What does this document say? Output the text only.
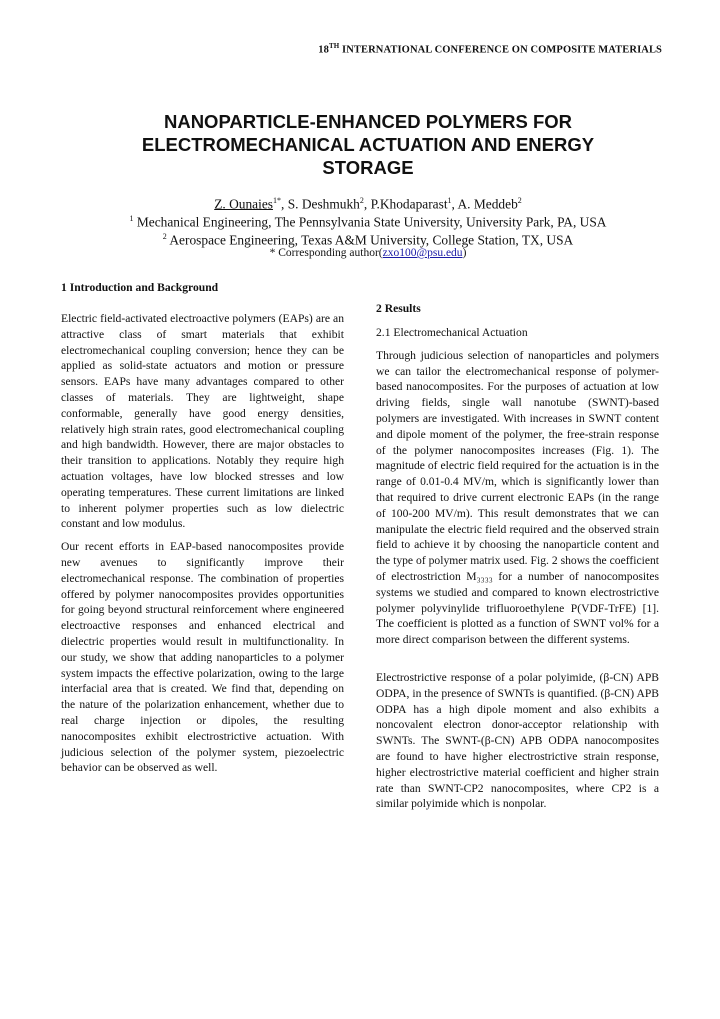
18TH INTERNATIONAL CONFERENCE ON COMPOSITE MATERIALS
NANOPARTICLE-ENHANCED POLYMERS FOR ELECTROMECHANICAL ACTUATION AND ENERGY STORAGE
Z. Ounaies$^{1*}$, S. Deshmukh$^2$, P.Khodaparast$^1$, A. Meddeb$^2$
$^1$ Mechanical Engineering, The Pennsylvania State University, University Park, PA, USA
$^2$ Aerospace Engineering, Texas A&M University, College Station, TX, USA
* Corresponding author(zxo100@psu.edu)

1 Introduction and Background

Electric field-activated electroactive polymers (EAPs) are an attractive class of smart materials that exhibit electromechanical coupling conversion; hence they can be applied as solid-state actuators and motion or pressure sensors. EAPs have many advantages compared to other classes of materials. They are lightweight, shape conformable, generally have good energy densities, relatively high strain rates, good electromechanical coupling and high bandwidth. However, there are major obstacles to their transition to applications. Notably they require high actuation voltages, have low blocked stresses and low operating temperatures. These current limitations are linked to inherent polymer properties such as low dielectric constant and low modulus.

Our recent efforts in EAP-based nanocomposites provide new avenues to significantly improve their electromechanical response. The combination of properties offered by polymer nanocomposites provides opportunities for going beyond structural reinforcement where engineered electroactive responses and enhanced electrical and dielectric properties would result in multifunctionality. In our study, we show that adding nanoparticles to a polymer system impacts the effective polarization, owing to the large interfacial area that is created. We find that, depending on the nature of the polarization enhancement, whether due to real charge injection or dipoles, the resulting nanocomposites exhibit electrostrictive actuation. With judicious selection of the polymer system, piezoelectric behavior can be observed as well.

2 Results

2.1 Electromechanical Actuation

Through judicious selection of nanoparticles and polymers we can tailor the electromechanical response of polymer-based nanocomposites. For the purposes of actuation at low driving fields, single wall nanotube (SWNT)-based polymers are investigated. With increases in SWNT content and dipole moment of the polymer, the free-strain response of the polymer nanocomposites increases (Fig. 1). The magnitude of electric field required for the actuation is in the range of 0.01-0.4 MV/m, which is significantly lower than that required to drive current electronic EAPs (in the range of 100-200 MV/m). This result demonstrates that we can manipulate the electric field required and the observed strain field to achieve it by choosing the nanoparticle content and the type of polymer matrix used. Fig. 2 shows the coefficient of electrostriction M₃₃₃₃ for a number of nanocomposites systems we studied and compared to known electrostrictive polymer polyvinylide trifluoroethylene P(VDF-TrFE) [1]. The coefficient is plotted as a function of SWNT vol% for a more direct comparison between the different systems.

Electrostrictive response of a polar polyimide, (β-CN) APB ODPA, in the presence of SWNTs is quantified. (β-CN) APB ODPA has a high dipole moment and also exhibits a noncovalent electron donor-acceptor relationship with SWNTs. The SWNT-(β-CN) APB ODPA nanocomposites are found to have higher electrostrictive strain response, higher electrostrictive material coefficient and higher strain rate than SWNT-CP2 nanocomposites, where CP2 is a similar polyimide which is nonpolar.
